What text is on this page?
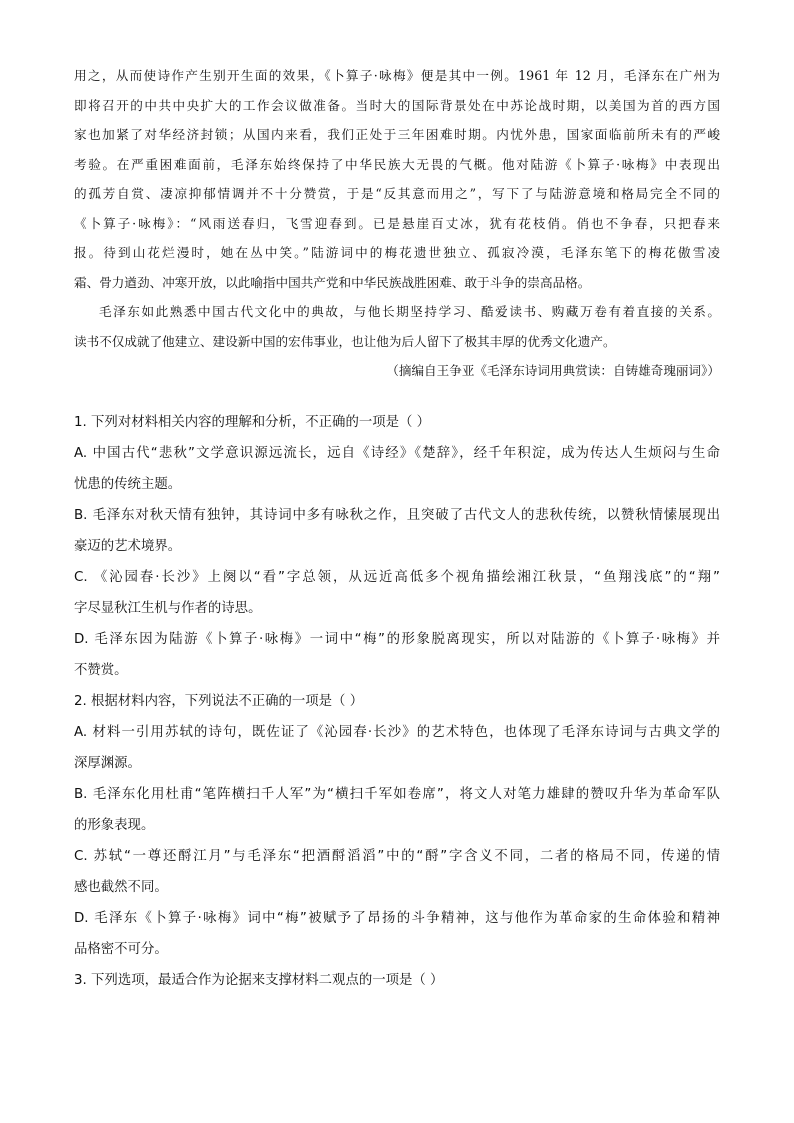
用之，从而使诗作产生别开生面的效果，《卜算子·咏梅》便是其中一例。1961 年 12 月，毛泽东在广州为

即将召开的中共中央扩大的工作会议做准备。当时大的国际背景处在中苏论战时期，以美国为首的西方国

家也加紧了对华经济封锁；从国内来看，我们正处于三年困难时期。内忧外患，国家面临前所未有的严峻

考验。在严重困难面前，毛泽东始终保持了中华民族大无畏的气概。他对陆游《卜算子·咏梅》中表现出

的孤芳自赏、凄凉抑郁情调并不十分赞赏，于是“反其意而用之”，写下了与陆游意境和格局完全不同的

《卜算子·咏梅》：“风雨送春归，飞雪迎春到。已是悬崖百丈冰，犹有花枝俏。俏也不争春，只把春来

报。待到山花烂漫时，她在丛中笑。”陆游词中的梅花遗世独立、孤寂冷漠，毛泽东笔下的梅花傲雪凌

霜、骨力遒劲、冲寒开放，以此喻指中国共产党和中华民族战胜困难、敢于斗争的崇高品格。

毛泽东如此熟悉中国古代文化中的典故，与他长期坚持学习、酷爱读书、购藏万卷有着直接的关系。

读书不仅成就了他建立、建设新中国的宏伟事业，也让他为后人留下了极其丰厚的优秀文化遗产。

（摘编自王争亚《毛泽东诗词用典赏读：自铸雄奇瑰丽词》）

1. 下列对材料相关内容的理解和分析，不正确的一项是（ ）

A. 中国古代“悲秋”文学意识源远流长，远自《诗经》《楚辞》，经千年积淀，成为传达人生烦闷与生命

忧患的传统主题。

B. 毛泽东对秋天情有独钟，其诗词中多有咏秋之作，且突破了古代文人的悲秋传统，以赞秋情愫展现出

豪迈的艺术境界。

C. 《沁园春·长沙》上阕以“看”字总领，从远近高低多个视角描绘湘江秋景，“鱼翔浅底”的“翔”

字尽显秋江生机与作者的诗思。

D. 毛泽东因为陆游《卜算子·咏梅》一词中“梅”的形象脱离现实，所以对陆游的《卜算子·咏梅》并

不赞赏。

2. 根据材料内容，下列说法不正确的一项是（ ）

A. 材料一引用苏轼的诗句，既佐证了《沁园春·长沙》的艺术特色，也体现了毛泽东诗词与古典文学的

深厚渊源。

B. 毛泽东化用杜甫“笔阵横扫千人军”为“横扫千军如卷席”，将文人对笔力雄肆的赞叹升华为革命军队

的形象表现。

C. 苏轼“一尊还酹江月”与毛泽东“把酒酹滔滔”中的“酹”字含义不同，二者的格局不同，传递的情

感也截然不同。

D. 毛泽东《卜算子·咏梅》词中“梅”被赋予了昂扬的斗争精神，这与他作为革命家的生命体验和精神

品格密不可分。

3. 下列选项，最适合作为论据来支撑材料二观点的一项是（ ）
